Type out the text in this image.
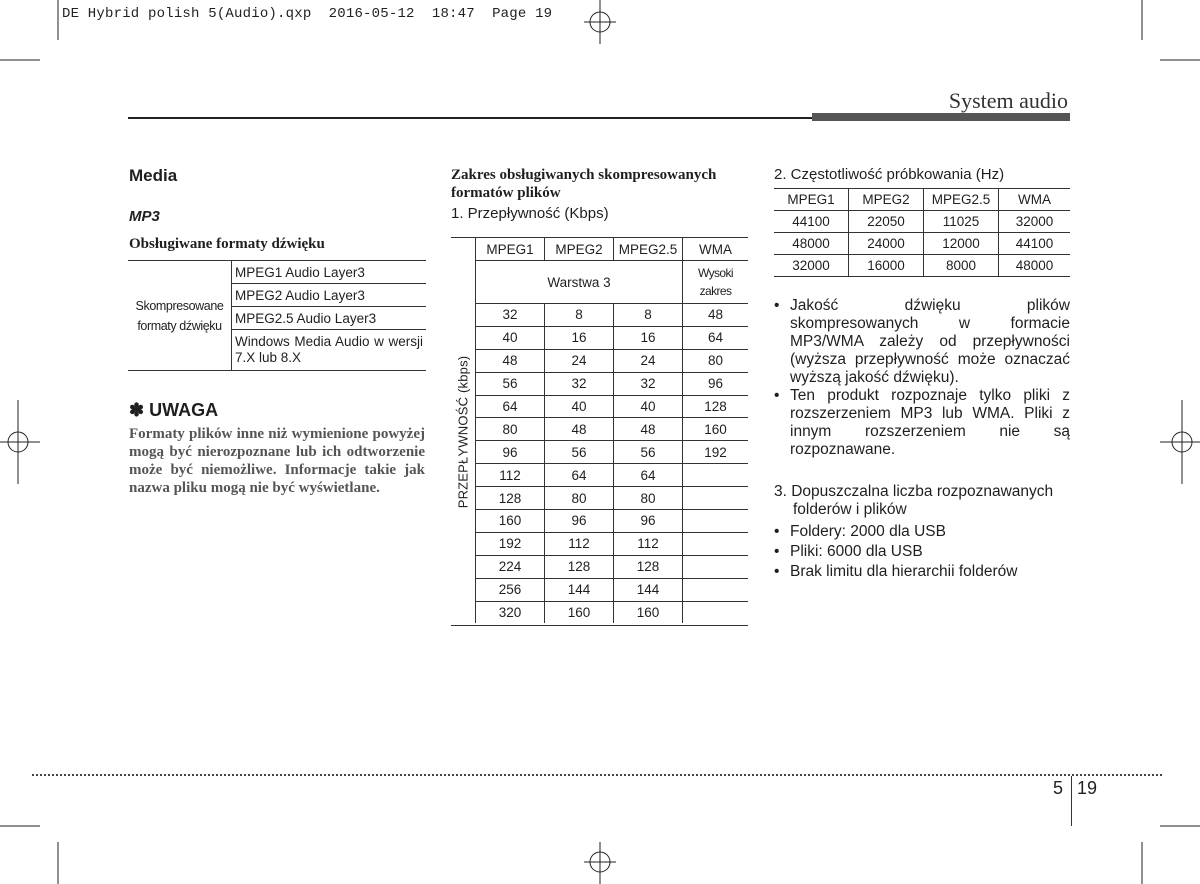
DE Hybrid polish 5(Audio).qxp  2016-05-12  18:47  Page 19
System audio
Media
MP3
Obsługiwane formaty dźwięku
Skompresowane
formaty dźwięku	MPEG1 Audio Layer3
MPEG2 Audio Layer3
MPEG2.5 Audio Layer3
Windows Media Audio w wersji 7.X lub 8.X
✽ UWAGA
Formaty plików inne niż wymienione powyżej mogą być nierozpoznane lub ich odtworzenie może być niemożliwe. Informacje takie jak nazwa pliku mogą nie być wyświetlane.
Zakres obsługiwanych skompresowanych formatów plików
1. Przepływność (Kbps)
PRZEPŁYWNOŚĆ (kbps)
MPEG1	MPEG2	MPEG2.5	WMA
Warstwa 3			Wysoki
zakres
32	8	8	48
40	16	16	64
48	24	24	80
56	32	32	96
64	40	40	128
80	48	48	160
96	56	56	192
112	64	64	
128	80	80	
160	96	96	
192	112	112	
224	128	128	
256	144	144	
320	160	160	
2. Częstotliwość próbkowania (Hz)
MPEG1	MPEG2	MPEG2.5	WMA
44100	22050	11025	32000
48000	24000	12000	44100
32000	16000	8000	48000
• Jakość dźwięku plików skompresowanych w formacie MP3/WMA zależy od przepływności (wyższa przepływność może oznaczać wyższą jakość dźwięku).
• Ten produkt rozpoznaje tylko pliki z rozszerzeniem MP3 lub WMA. Pliki z innym rozszerzeniem nie są rozpoznawane.
3. Dopuszczalna liczba rozpoznawanych
folderów i plików
• Foldery: 2000 dla USB
• Pliki: 6000 dla USB
• Brak limitu dla hierarchii folderów
5 19
